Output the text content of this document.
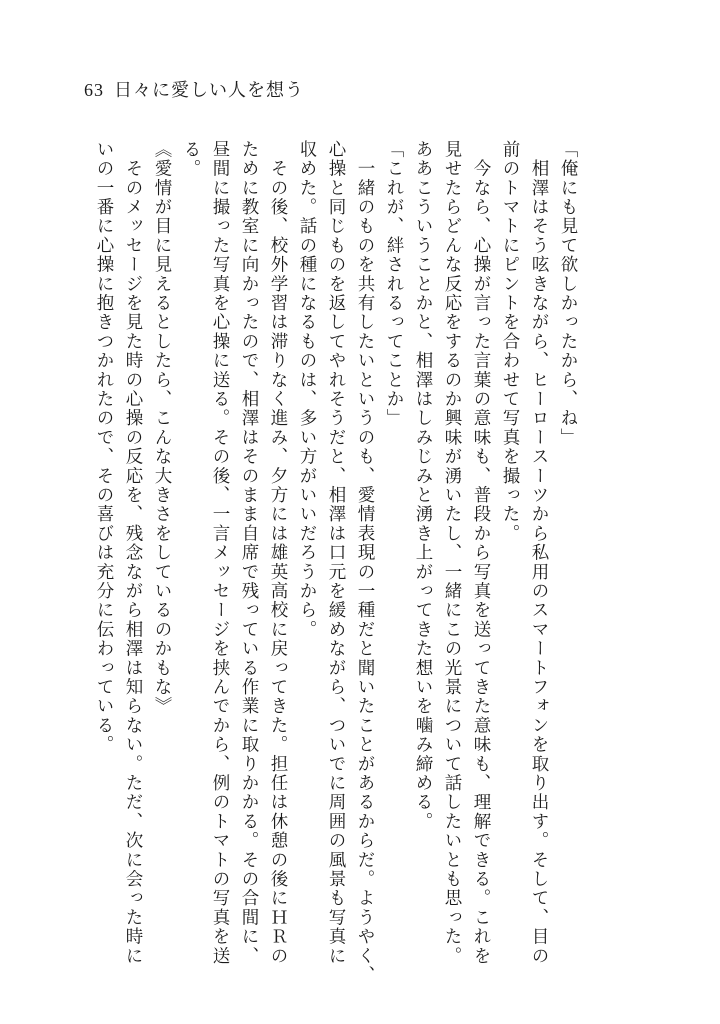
63 日々に愛しい人を想う
「俺にも見て欲しかったから、ね」
　相澤はそう呟きながら、ヒーロースーツから私用のスマートフォンを取り出す。そして、目の
前のトマトにピントを合わせて写真を撮った。
　今なら、心操が言った言葉の意味も、普段から写真を送ってきた意味も、理解できる。これを
見せたらどんな反応をするのか興味が湧いたし、一緒にこの光景について話したいとも思った。
ああこういうことかと、相澤はしみじみと湧き上がってきた想いを噛み締める。
「これが、絆されるってことか」
　一緒のものを共有したいというのも、愛情表現の一種だと聞いたことがあるからだ。ようやく、
心操と同じものを返してやれそうだと、相澤は口元を緩めながら、ついでに周囲の風景も写真に
収めた。話の種になるものは、多い方がいいだろうから。
　その後、校外学習は滞りなく進み、夕方には雄英高校に戻ってきた。担任は休憩の後にＨＲの
ために教室に向かったので、相澤はそのまま自席で残っている作業に取りかかる。その合間に、
昼間に撮った写真を心操に送る。その後、一言メッセージを挟んでから、例のトマトの写真を送
る。
《愛情が目に見えるとしたら、こんな大きさをしているのかもな》
　そのメッセージを見た時の心操の反応を、残念ながら相澤は知らない。ただ、次に会った時に
いの一番に心操に抱きつかれたので、その喜びは充分に伝わっている。
